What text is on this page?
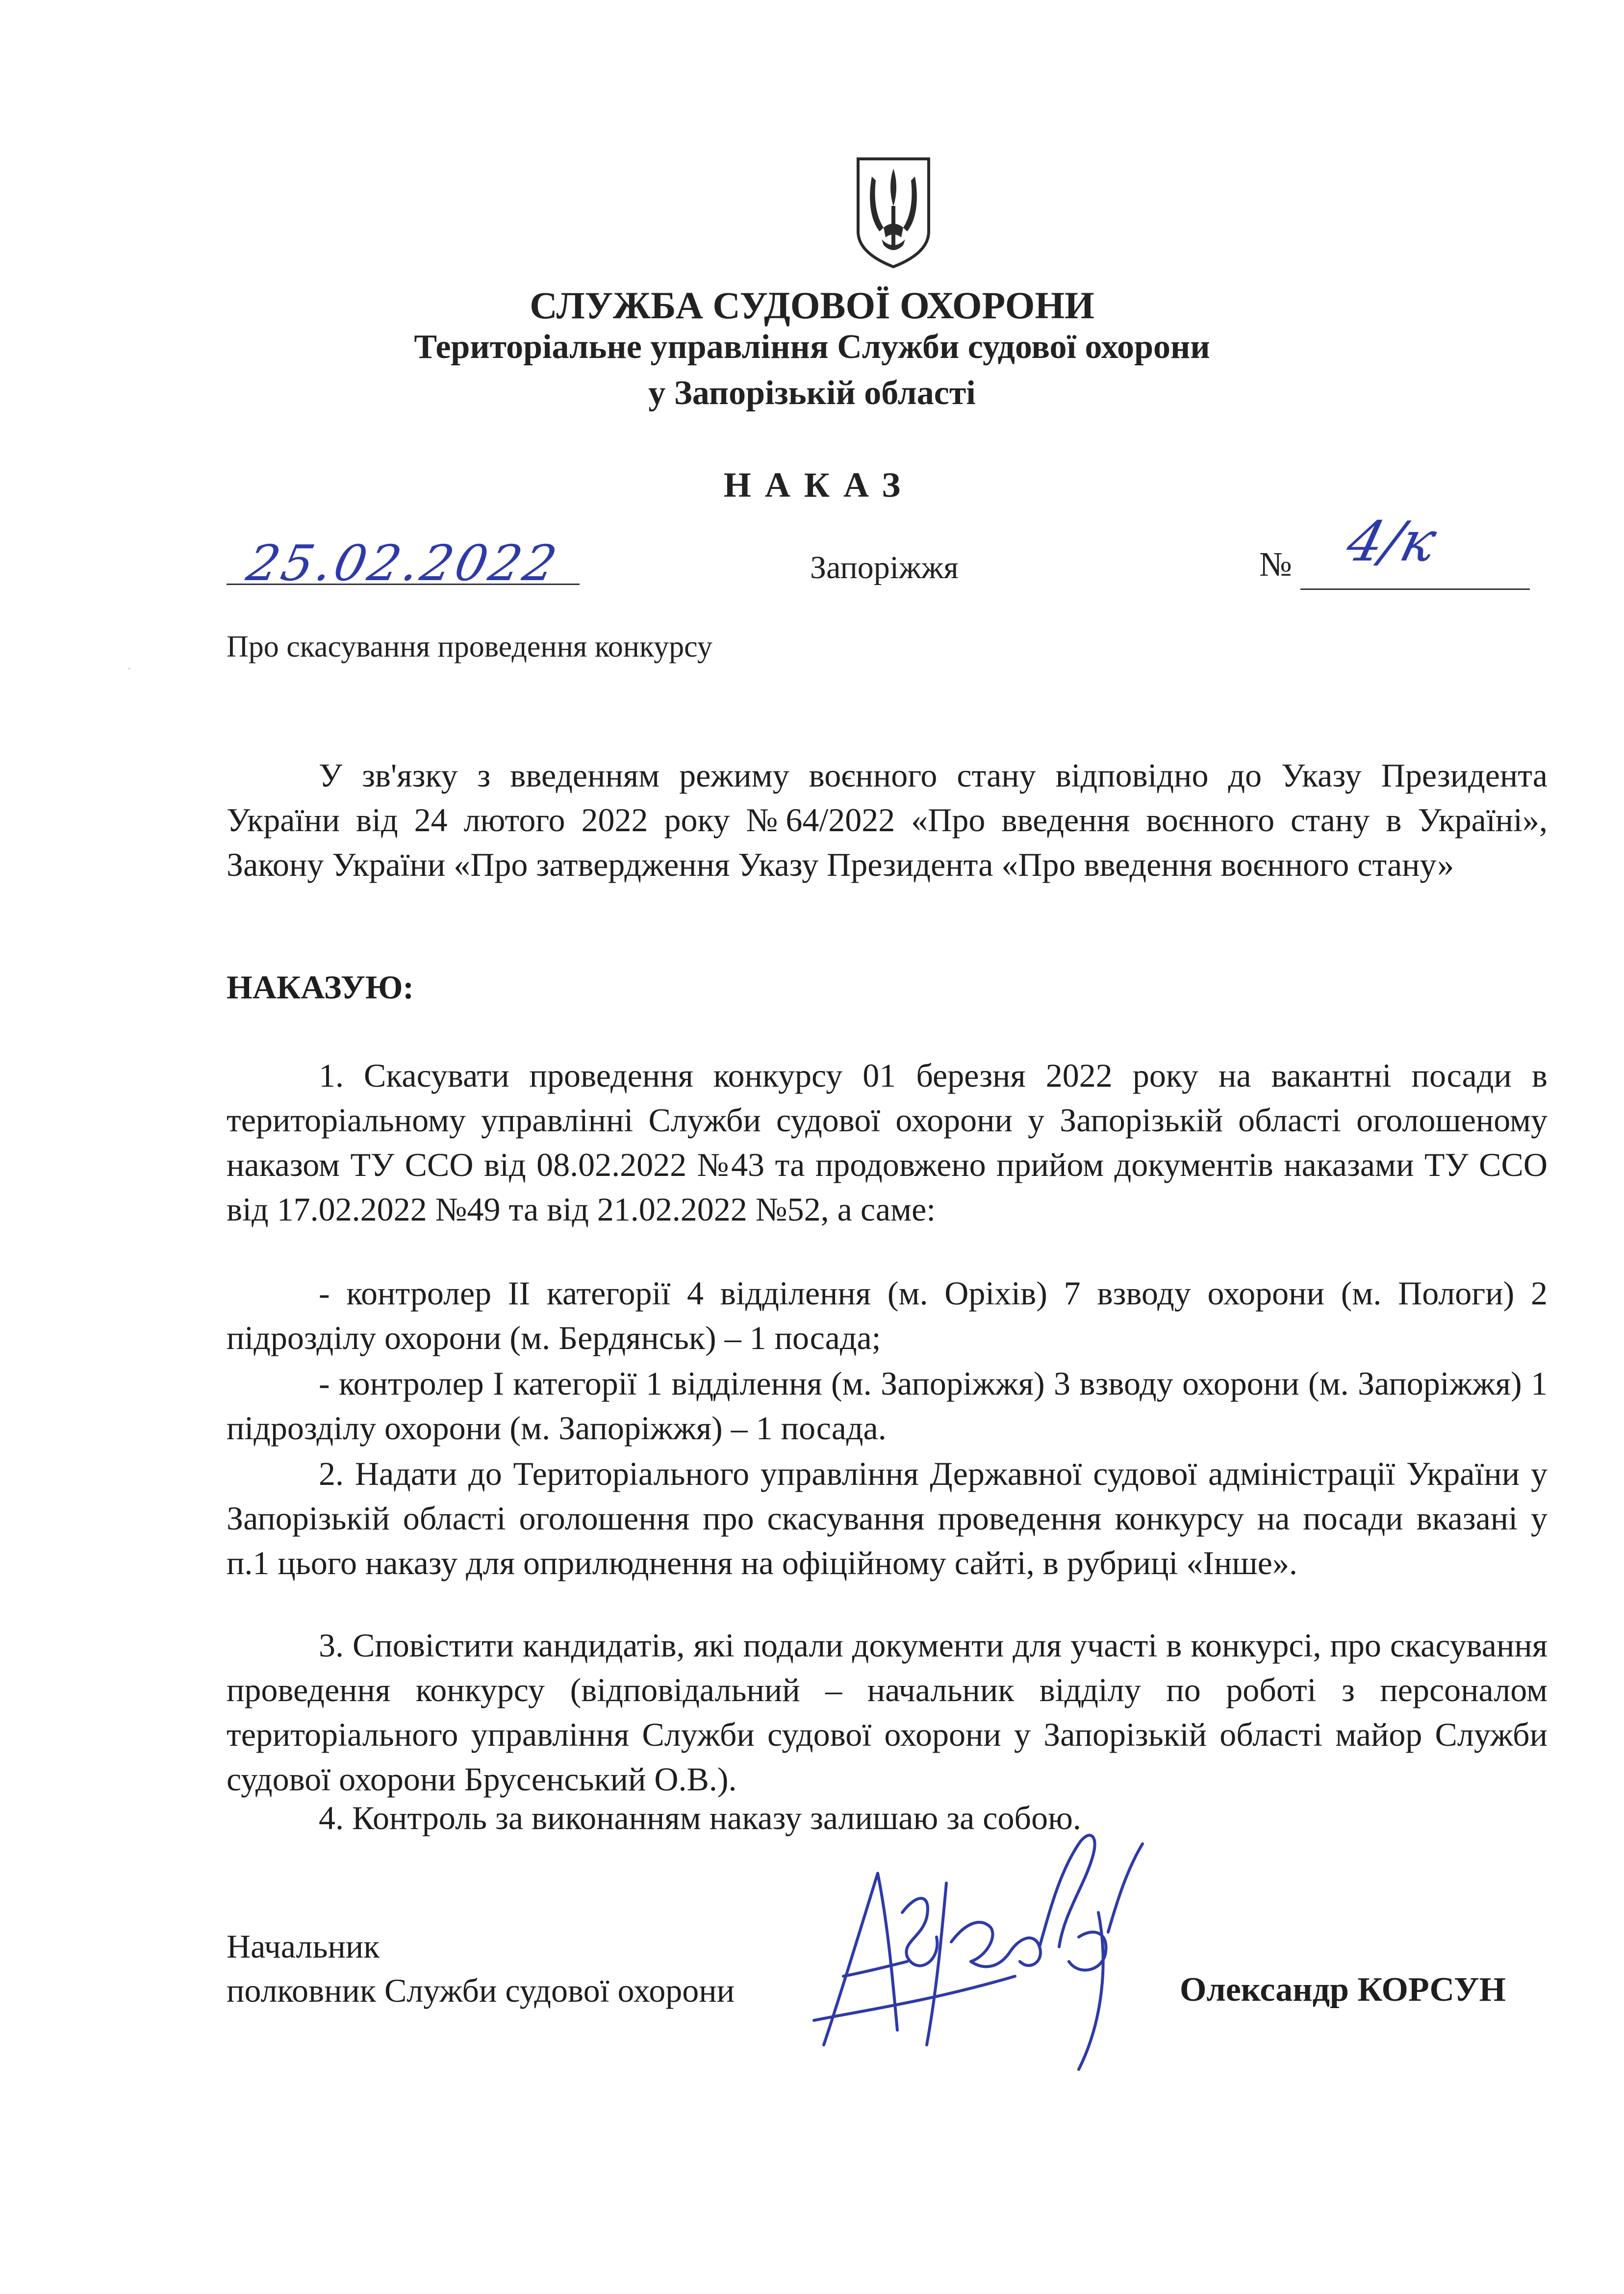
СЛУЖБА СУДОВОЇ ОХОРОНИ
Територіальне управління Служби судової охорони
у Запорізькій області
НАКАЗ
25.02.2022	Запоріжжя	№ 4/к
Про скасування проведення конкурсу
У зв'язку з введенням режиму воєнного стану відповідно до Указу Президента України від 24 лютого 2022 року №64/2022 «Про введення воєнного стану в Україні», Закону України «Про затвердження Указу Президента «Про введення воєнного стану»
НАКАЗУЮ:
1. Скасувати проведення конкурсу 01 березня 2022 року на вакантні посади в територіальному управлінні Служби судової охорони у Запорізькій області оголошеному наказом ТУ ССО від 08.02.2022 №43 та продовжено прийом документів наказами ТУ ССО від 17.02.2022 №49 та від 21.02.2022 №52, а саме:
- контролер ІІ категорії 4 відділення (м. Оріхів) 7 взводу охорони (м. Пологи) 2 підрозділу охорони (м. Бердянськ) – 1 посада;
- контролер І категорії 1 відділення (м. Запоріжжя) 3 взводу охорони (м. Запоріжжя) 1 підрозділу охорони (м. Запоріжжя) – 1 посада.
2. Надати до Територіального управління Державної судової адміністрації України у Запорізькій області оголошення про скасування проведення конкурсу на посади вказані у п.1 цього наказу для оприлюднення на офіційному сайті, в рубриці «Інше».
3. Сповістити кандидатів, які подали документи для участі в конкурсі, про скасування проведення конкурсу (відповідальний – начальник відділу по роботі з персоналом територіального управління Служби судової охорони у Запорізькій області майор Служби судової охорони Брусенський О.В.).
4. Контроль за виконанням наказу залишаю за собою.
Начальник
полковник Служби судової охорони	Олександр КОРСУН
